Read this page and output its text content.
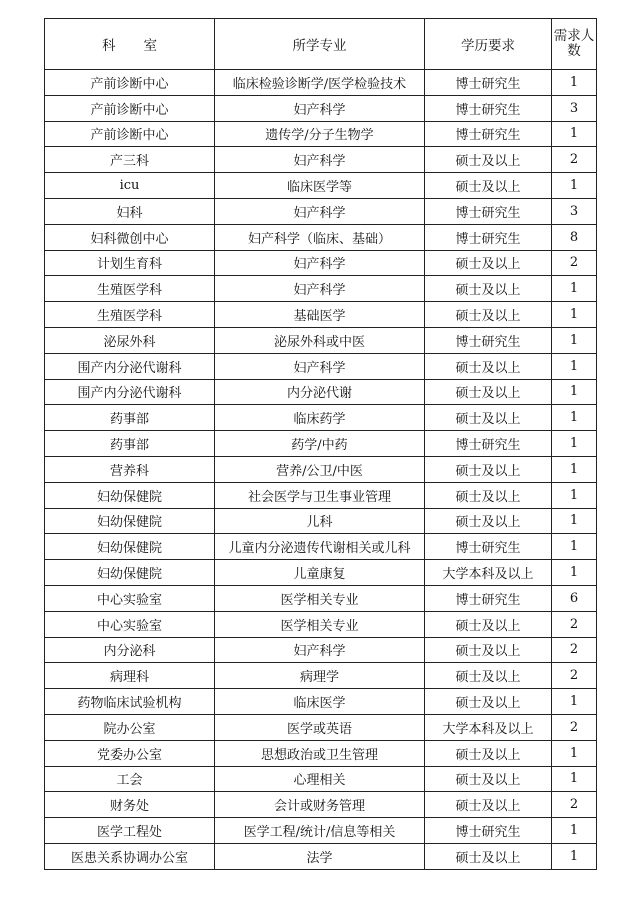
科室	所学专业	学历要求	需求人数
产前诊断中心	临床检验诊断学/医学检验技术	博士研究生	1
产前诊断中心	妇产科学	博士研究生	3
产前诊断中心	遗传学/分子生物学	博士研究生	1
产三科	妇产科学	硕士及以上	2
icu	临床医学等	硕士及以上	1
妇科	妇产科学	博士研究生	3
妇科微创中心	妇产科学（临床、基础）	博士研究生	8
计划生育科	妇产科学	硕士及以上	2
生殖医学科	妇产科学	硕士及以上	1
生殖医学科	基础医学	硕士及以上	1
泌尿外科	泌尿外科或中医	博士研究生	1
围产内分泌代谢科	妇产科学	硕士及以上	1
围产内分泌代谢科	内分泌代谢	硕士及以上	1
药事部	临床药学	硕士及以上	1
药事部	药学/中药	博士研究生	1
营养科	营养/公卫/中医	硕士及以上	1
妇幼保健院	社会医学与卫生事业管理	硕士及以上	1
妇幼保健院	儿科	硕士及以上	1
妇幼保健院	儿童内分泌遗传代谢相关或儿科	博士研究生	1
妇幼保健院	儿童康复	大学本科及以上	1
中心实验室	医学相关专业	博士研究生	6
中心实验室	医学相关专业	硕士及以上	2
内分泌科	妇产科学	硕士及以上	2
病理科	病理学	硕士及以上	2
药物临床试验机构	临床医学	硕士及以上	1
院办公室	医学或英语	大学本科及以上	2
党委办公室	思想政治或卫生管理	硕士及以上	1
工会	心理相关	硕士及以上	1
财务处	会计或财务管理	硕士及以上	2
医学工程处	医学工程/统计/信息等相关	博士研究生	1
医患关系协调办公室	法学	硕士及以上	1
